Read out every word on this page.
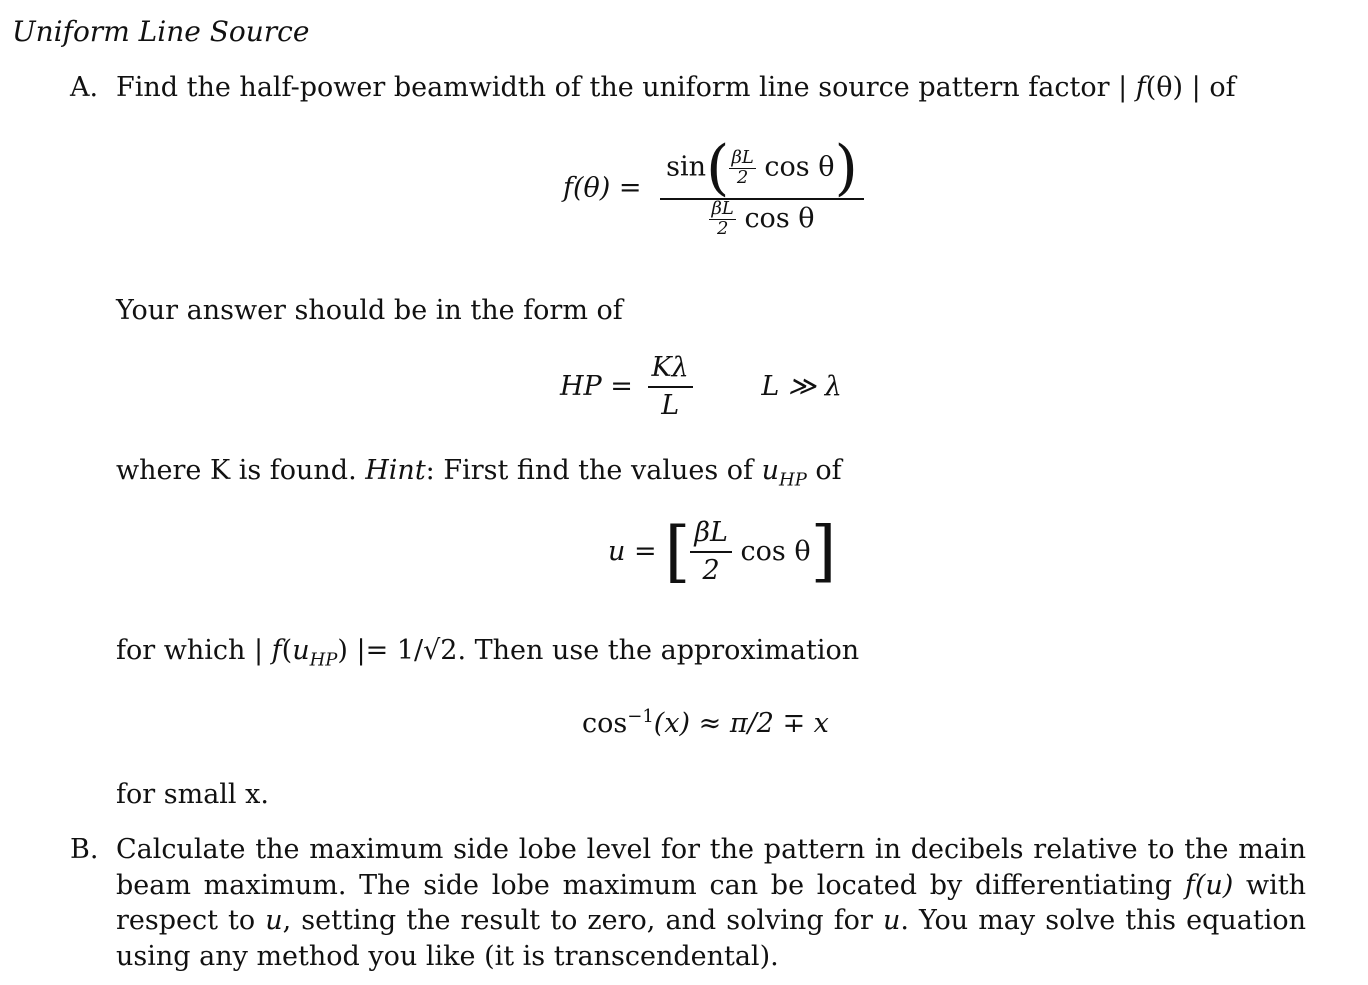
Uniform Line Source
A. Find the half-power beamwidth of the uniform line source pattern factor | f(θ) | of
$f(\theta) = \frac{\sin( \frac{\beta L}{2} \cos \theta)}{\frac{\beta L}{2} \cos \theta}$
Your answer should be in the form of
HP = $\frac{K\lambda}{L}$	L ≫ λ
where K is found. Hint: First find the values of $u_{HP}$ of
u = [ $\frac{\beta L}{2}$ cos θ]
for which | $f(u_{HP})$ |= 1/√2. Then use the approximation
$\cos^{-1}(x) \approx \pi/2 \mp x$
for small x.
B. Calculate the maximum side lobe level for the pattern in decibels relative to the main beam maximum. The side lobe maximum can be located by differentiating f(u) with respect to u, setting the result to zero, and solving for u. You may solve this equation using any method you like (it is transcendental).
